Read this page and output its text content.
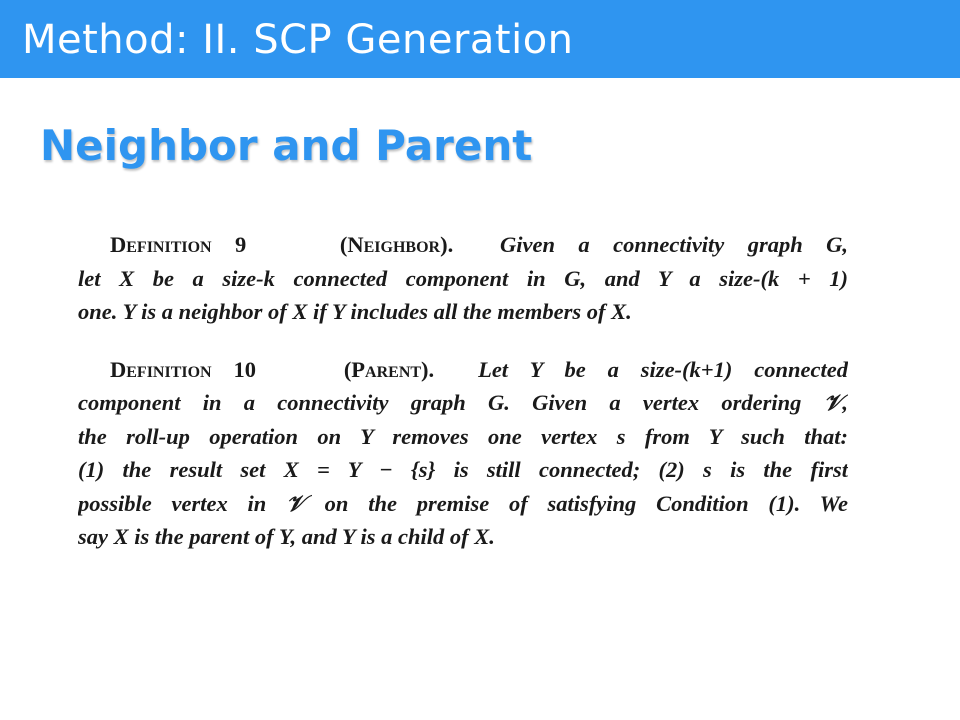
Method: II. SCP Generation
Neighbor and Parent
Definition 9	(Neighbor). Given a connectivity graph G,
let X be a size-k connected component in G, and Y a size-(k + 1)
one. Y is a neighbor of X if Y includes all the members of X.
Definition 10	(Parent). Let Y be a size-(k+1) connected
component in a connectivity graph G. Given a vertex ordering 𝒱,
the roll-up operation on Y removes one vertex s from Y such that:
(1) the result set X = Y − {s} is still connected; (2) s is the first
possible vertex in 𝒱 on the premise of satisfying Condition (1). We
say X is the parent of Y, and Y is a child of X.
